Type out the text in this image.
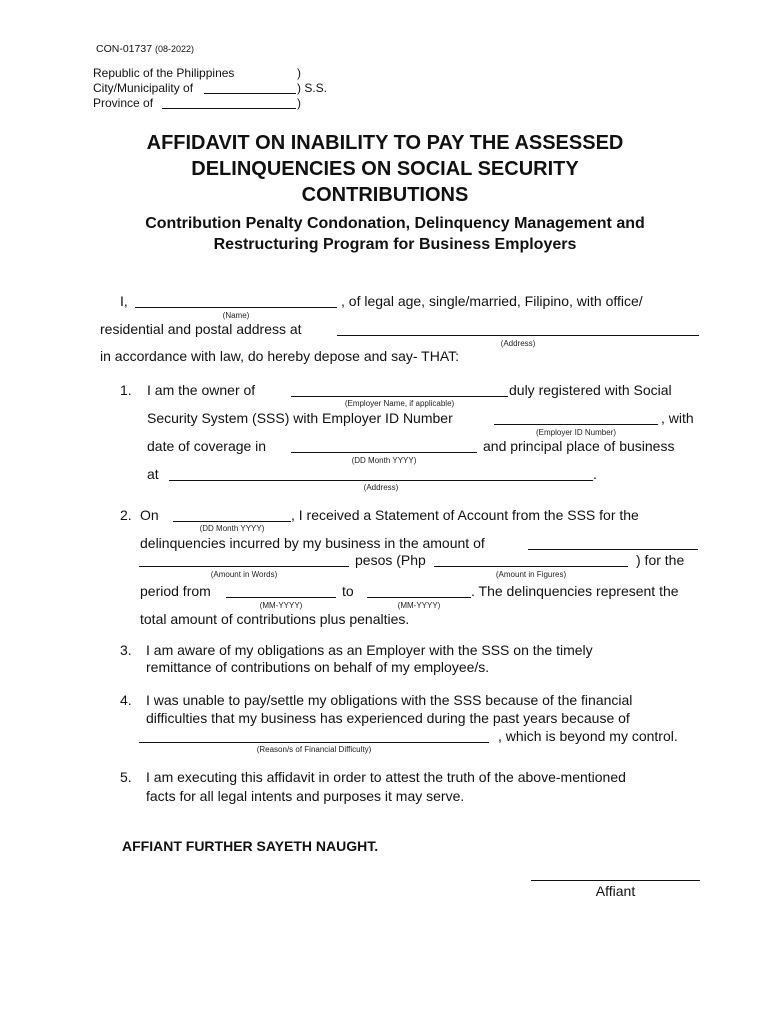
CON-01737 (08-2022)
Republic of the Philippines	)
City/Municipality of	) S.S.
Province of	)
AFFIDAVIT ON INABILITY TO PAY THE ASSESSED
DELINQUENCIES ON SOCIAL SECURITY
CONTRIBUTIONS
Contribution Penalty Condonation, Delinquency Management and
Restructuring Program for Business Employers
I,
(Name)
, of legal age, single/married, Filipino, with office/
residential and postal address at
(Address)
in accordance with law, do hereby depose and say- THAT:
1. I am the owner of
(Employer Name, if applicable)
duly registered with Social
Security System (SSS) with Employer ID Number
(Employer ID Number)
, with
date of coverage in
(DD Month YYYY)
and principal place of business
at	.
(Address)
2. On
(DD Month YYYY)
, I received a Statement of Account from the SSS for the
delinquencies incurred by my business in the amount of
(Amount in Words)
pesos (Php
(Amount in Figures)
) for the
period from
(MM-YYYY)
to
(MM-YYYY)
. The delinquencies represent the
total amount of contributions plus penalties.
3. I am aware of my obligations as an Employer with the SSS on the timely
remittance of contributions on behalf of my employee/s.
4. I was unable to pay/settle my obligations with the SSS because of the financial
difficulties that my business has experienced during the past years because of
(Reason/s of Financial Difficulty)
, which is beyond my control.
5. I am executing this affidavit in order to attest the truth of the above-mentioned
facts for all legal intents and purposes it may serve.
AFFIANT FURTHER SAYETH NAUGHT.
Affiant
